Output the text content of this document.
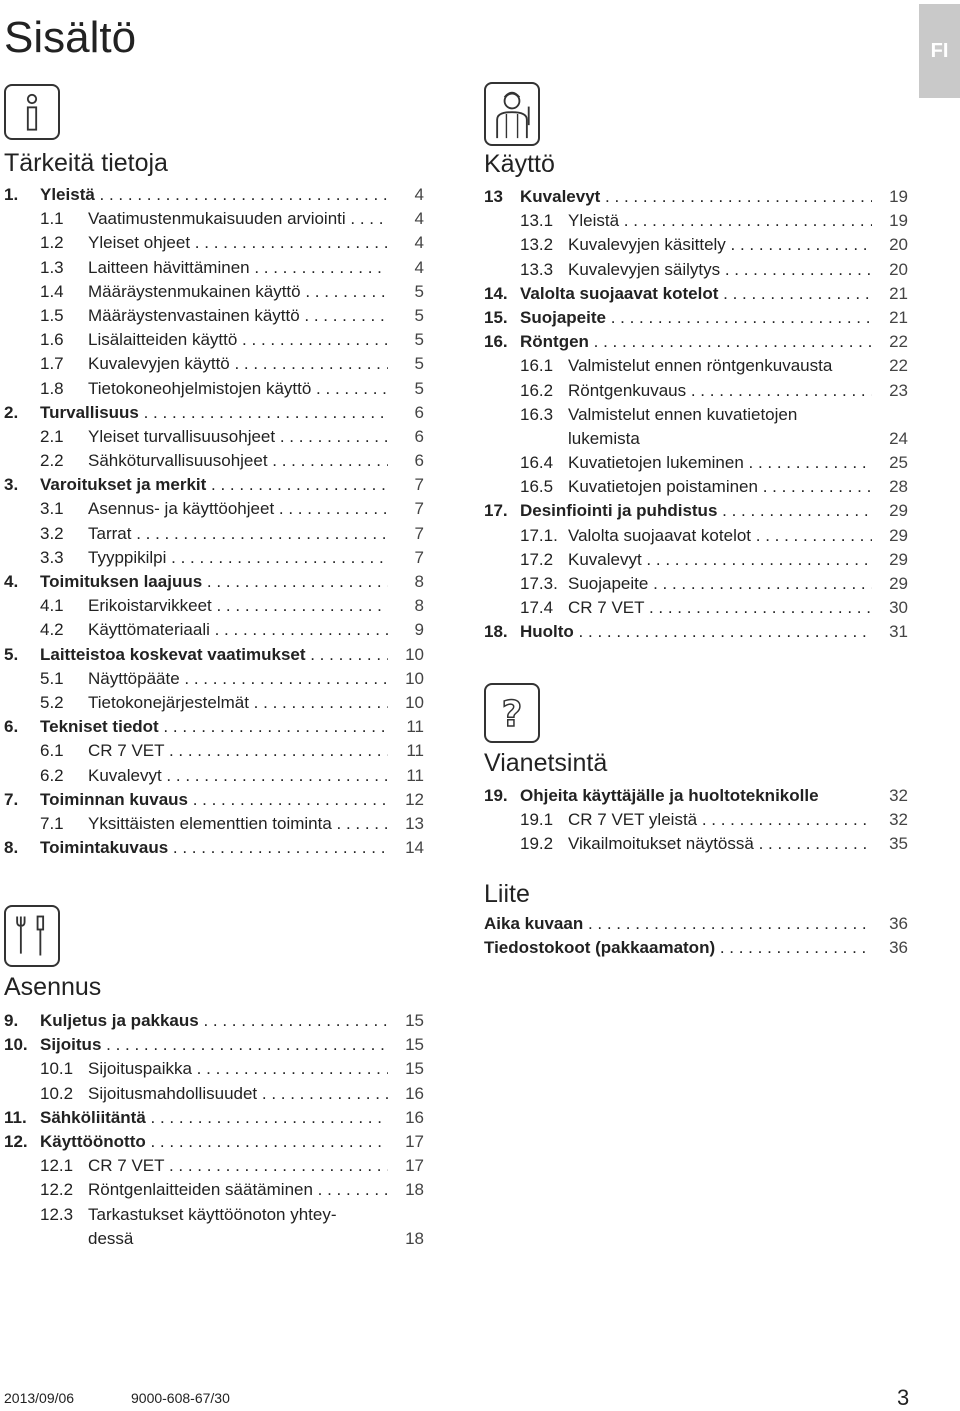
Sisältö	FI
Tärkeitä tietoja
1. Yleistä . . .	4
1.1 Vaatimustenmukaisuuden arviointi . . .	4
1.2 Yleiset ohjeet . . .	4
1.3 Laitteen hävittäminen . . .	4
1.4 Määräystenmukainen käyttö . . .	5
1.5 Määräystenvastainen käyttö . . .	5
1.6 Lisälaitteiden käyttö . . .	5
1.7 Kuvalevyjen käyttö . . .	5
1.8 Tietokoneohjelmistojen käyttö . . .	5
2. Turvallisuus . . .	6
2.1 Yleiset turvallisuusohjeet . . .	6
2.2 Sähköturvallisuusohjeet . . .	6
3. Varoitukset ja merkit . . .	7
3.1 Asennus- ja käyttöohjeet . . .	7
3.2 Tarrat . . .	7
3.3 Tyyppikilpi . . .	7
4. Toimituksen laajuus . . .	8
4.1 Erikoistarvikkeet . . .	8
4.2 Käyttömateriaali . . .	9
5. Laitteistoa koskevat vaatimukset . . .	10
5.1 Näyttöpääte . . .	10
5.2 Tietokonejärjestelmät . . .	10
6. Tekniset tiedot . . .	11
6.1 CR 7 VET . . .	11
6.2 Kuvalevyt . . .	11
7. Toiminnan kuvaus . . .	12
7.1 Yksittäisten elementtien toiminta . . .	13
8. Toimintakuvaus . . .	14
Asennus
9. Kuljetus ja pakkaus . . .	15
10. Sijoitus . . .	15
10.1 Sijoituspaikka . . .	15
10.2 Sijoitusmahdollisuudet . . .	16
11. Sähköliitäntä . . .	16
12. Käyttöönotto . . .	17
12.1 CR 7 VET . . .	17
12.2 Röntgenlaitteiden säätäminen . . .	18
12.3 Tarkastukset käyttöönoton yhtey-
dessä	18
Käyttö
13 Kuvalevyt . . .	19
13.1 Yleistä . . .	19
13.2 Kuvalevyjen käsittely . . .	20
13.3 Kuvalevyjen säilytys . . .	20
14. Valolta suojaavat kotelot . . .	21
15. Suojapeite . . .	21
16. Röntgen . . .	22
16.1 Valmistelut ennen röntgenkuvausta	22
16.2 Röntgenkuvaus . . .	23
16.3 Valmistelut ennen kuvatietojen
lukemista	24
16.4 Kuvatietojen lukeminen . . .	25
16.5 Kuvatietojen poistaminen . . .	28
17. Desinfiointi ja puhdistus . . .	29
17.1. Valolta suojaavat kotelot . . .	29
17.2 Kuvalevyt . . .	29
17.3. Suojapeite . . .	29
17.4 CR 7 VET . . .	30
18. Huolto . . .	31
?
Vianetsintä
19. Ohjeita käyttäjälle ja huoltoteknikolle	32
19.1 CR 7 VET yleistä . . .	32
19.2 Vikailmoitukset näytössä . . .	35
Liite
Aika kuvaan . . .	36
Tiedostokoot (pakkaamaton) . . .	36
2013/09/06	9000-608-67/30	3
